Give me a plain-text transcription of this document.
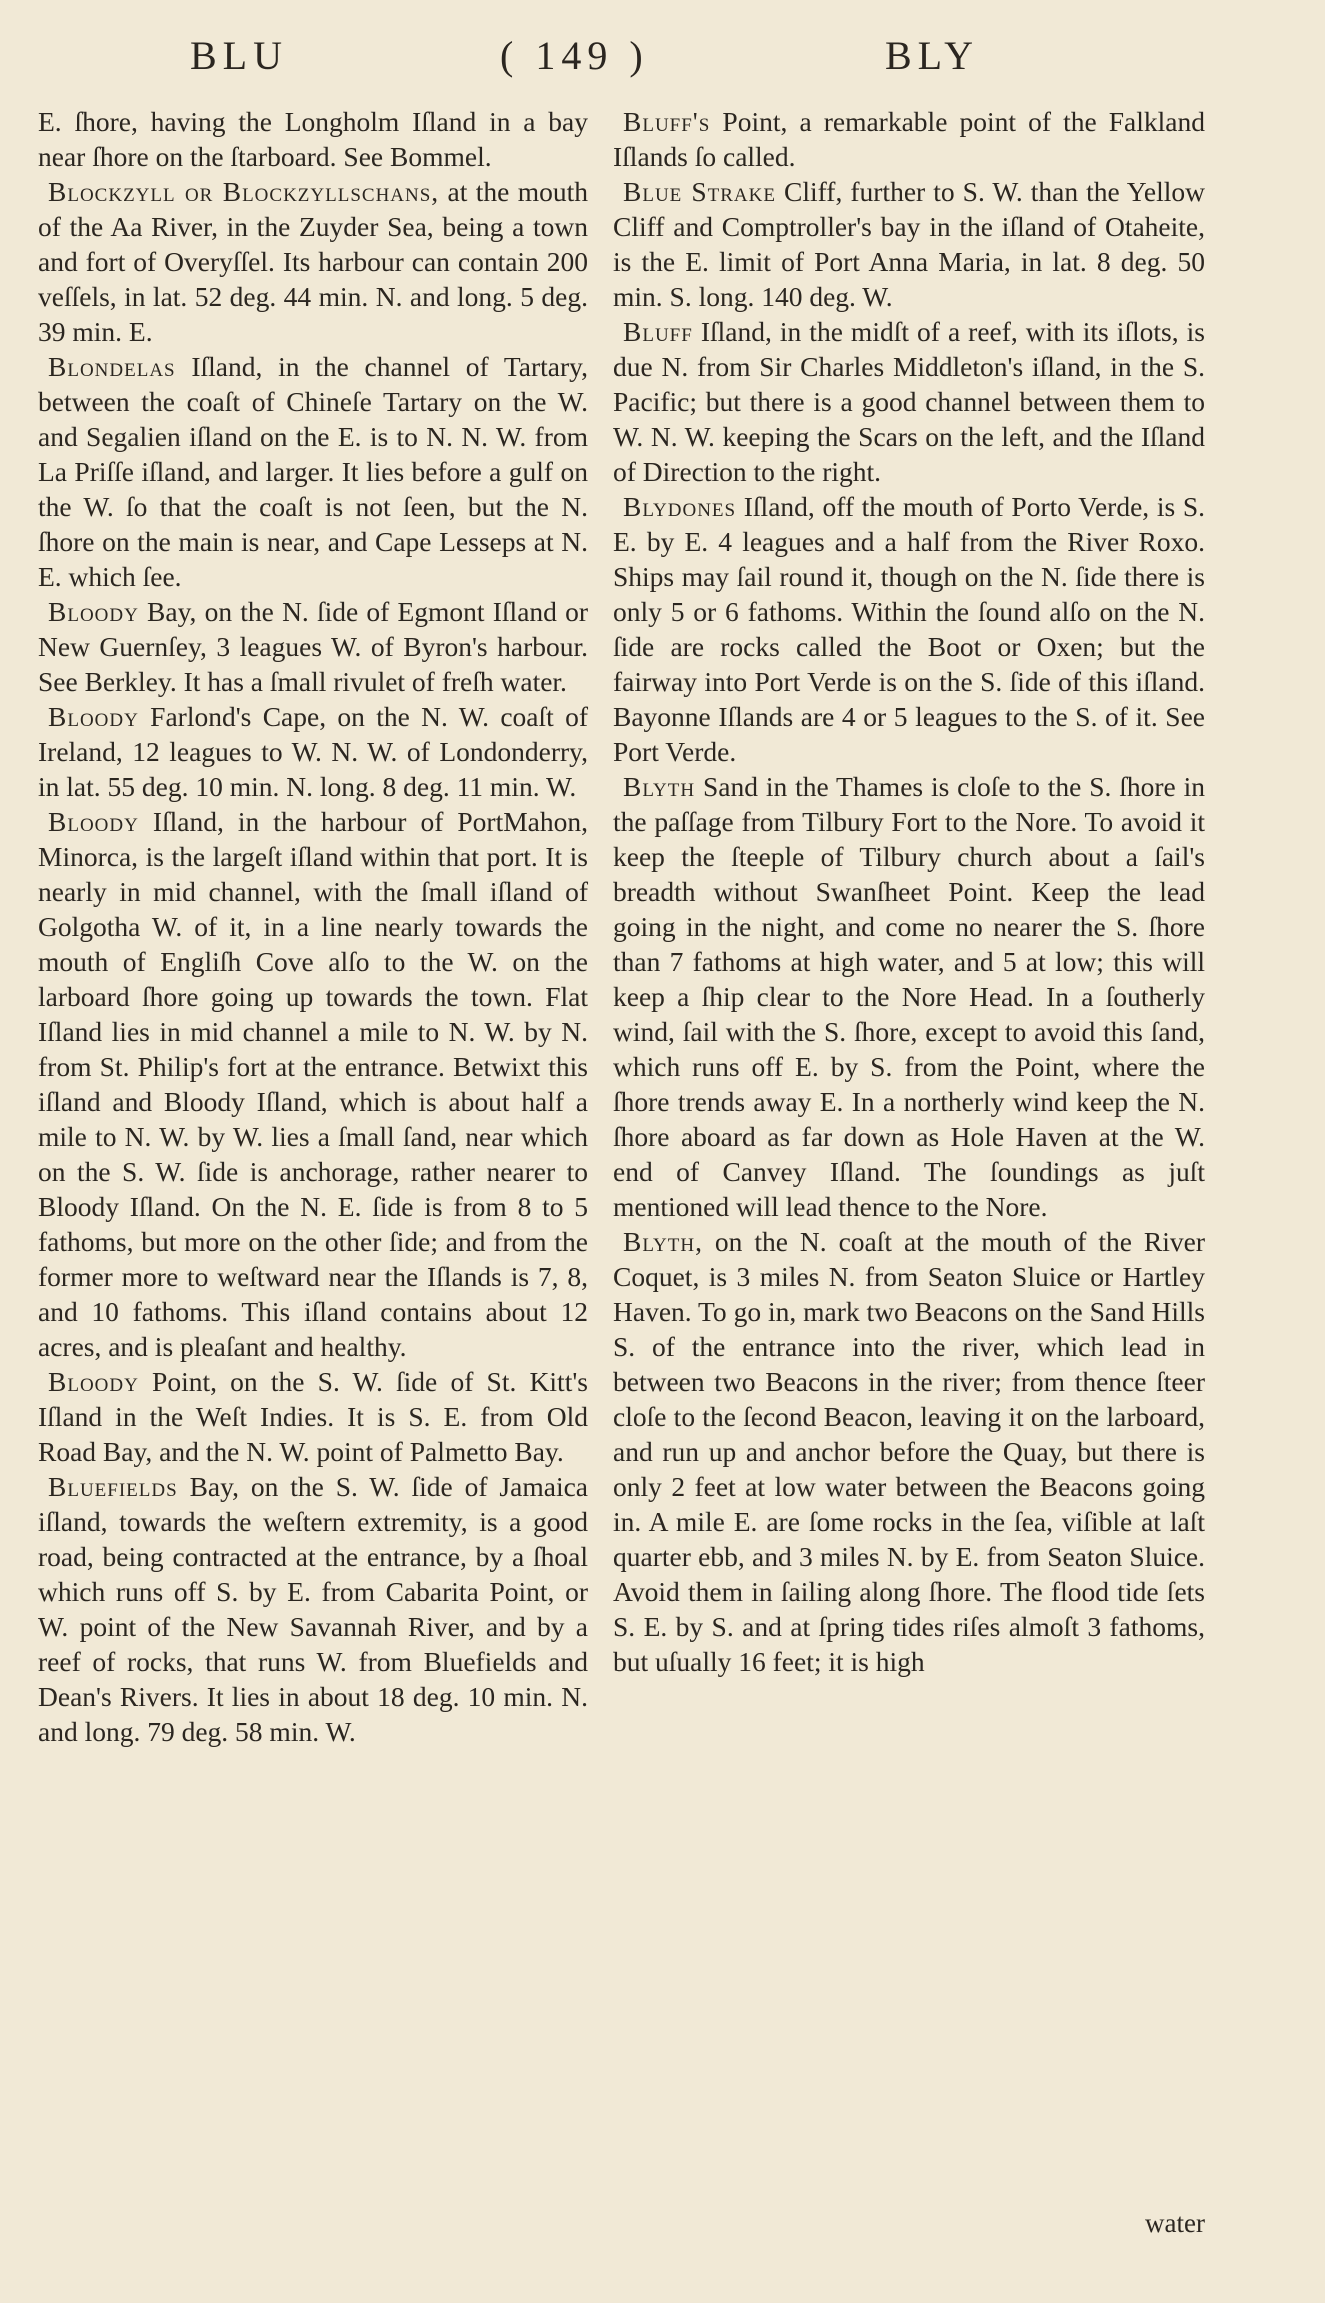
BLU	( 149 )	BLY

E. ſhore, having the Longholm Iſland in a bay near ſhore on the ſtarboard. See Bommel.

Blockzyll or Blockzyllschans, at the mouth of the Aa River, in the Zuyder Sea, being a town and fort of Overyſſel. Its harbour can contain 200 veſſels, in lat. 52 deg. 44 min. N. and long. 5 deg. 39 min. E.

Blondelas Iſland, in the channel of Tartary, between the coaſt of Chineſe Tartary on the W. and Segalien iſland on the E. is to N. N. W. from La Priſſe iſland, and larger. It lies before a gulf on the W. ſo that the coaſt is not ſeen, but the N. ſhore on the main is near, and Cape Lesseps at N. E. which ſee.

Bloody Bay, on the N. ſide of Egmont Iſland or New Guernſey, 3 leagues W. of Byron's harbour. See Berkley. It has a ſmall rivulet of freſh water.

Bloody Farlond's Cape, on the N. W. coaſt of Ireland, 12 leagues to W. N. W. of Londonderry, in lat. 55 deg. 10 min. N. long. 8 deg. 11 min. W.

Bloody Iſland, in the harbour of PortMahon, Minorca, is the largeſt iſland within that port. It is nearly in mid channel, with the ſmall iſland of Golgotha W. of it, in a line nearly towards the mouth of Engliſh Cove alſo to the W. on the larboard ſhore going up towards the town. Flat Iſland lies in mid channel a mile to N. W. by N. from St. Philip's fort at the entrance. Betwixt this iſland and Bloody Iſland, which is about half a mile to N. W. by W. lies a ſmall ſand, near which on the S. W. ſide is anchorage, rather nearer to Bloody Iſland. On the N. E. ſide is from 8 to 5 fathoms, but more on the other ſide; and from the former more to weſtward near the Iſlands is 7, 8, and 10 fathoms. This iſland contains about 12 acres, and is pleaſant and healthy.

Bloody Point, on the S. W. ſide of St. Kitt's Iſland in the Weſt Indies. It is S. E. from Old Road Bay, and the N. W. point of Palmetto Bay.

Bluefields Bay, on the S. W. ſide of Jamaica iſland, towards the weſtern extremity, is a good road, being contracted at the entrance, by a ſhoal which runs off S. by E. from Cabarita Point, or W. point of the New Savannah River, and by a reef of rocks, that runs W. from Bluefields and Dean's Rivers. It lies in about 18 deg. 10 min. N. and long. 79 deg. 58 min. W.

Bluff's Point, a remarkable point of the Falkland Iſlands ſo called.

Blue Strake Cliff, further to S. W. than the Yellow Cliff and Comptroller's bay in the iſland of Otaheite, is the E. limit of Port Anna Maria, in lat. 8 deg. 50 min. S. long. 140 deg. W.

Bluff Iſland, in the midſt of a reef, with its iſlots, is due N. from Sir Charles Middleton's iſland, in the S. Pacific; but there is a good channel between them to W. N. W. keeping the Scars on the left, and the Iſland of Direction to the right.

Blydones Iſland, off the mouth of Porto Verde, is S. E. by E. 4 leagues and a half from the River Roxo. Ships may ſail round it, though on the N. ſide there is only 5 or 6 fathoms. Within the ſound alſo on the N. ſide are rocks called the Boot or Oxen; but the fairway into Port Verde is on the S. ſide of this iſland. Bayonne Iſlands are 4 or 5 leagues to the S. of it. See Port Verde.

Blyth Sand in the Thames is cloſe to the S. ſhore in the paſſage from Tilbury Fort to the Nore. To avoid it keep the ſteeple of Tilbury church about a ſail's breadth without Swanſheet Point. Keep the lead going in the night, and come no nearer the S. ſhore than 7 fathoms at high water, and 5 at low; this will keep a ſhip clear to the Nore Head. In a ſoutherly wind, ſail with the S. ſhore, except to avoid this ſand, which runs off E. by S. from the Point, where the ſhore trends away E. In a northerly wind keep the N. ſhore aboard as far down as Hole Haven at the W. end of Canvey Iſland. The ſoundings as juſt mentioned will lead thence to the Nore.

Blyth, on the N. coaſt at the mouth of the River Coquet, is 3 miles N. from Seaton Sluice or Hartley Haven. To go in, mark two Beacons on the Sand Hills S. of the entrance into the river, which lead in between two Beacons in the river; from thence ſteer cloſe to the ſecond Beacon, leaving it on the larboard, and run up and anchor before the Quay, but there is only 2 feet at low water between the Beacons going in. A mile E. are ſome rocks in the ſea, viſible at laſt quarter ebb, and 3 miles N. by E. from Seaton Sluice. Avoid them in ſailing along ſhore. The flood tide ſets S. E. by S. and at ſpring tides riſes almoſt 3 fathoms, but uſually 16 feet; it is high

water
